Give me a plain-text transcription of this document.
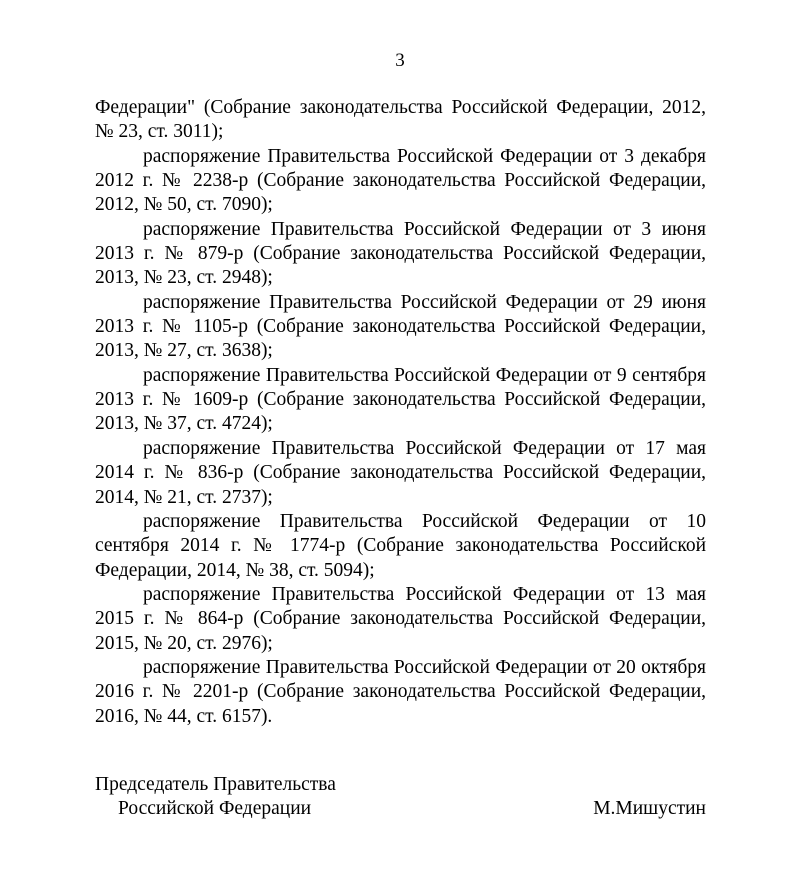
3

Федерации" (Собрание законодательства Российской Федерации, 2012, № 23, ст. 3011);

распоряжение Правительства Российской Федерации от 3 декабря 2012 г. № 2238-р (Собрание законодательства Российской Федерации, 2012, № 50, ст. 7090);

распоряжение Правительства Российской Федерации от 3 июня 2013 г. № 879-р (Собрание законодательства Российской Федерации, 2013, № 23, ст. 2948);

распоряжение Правительства Российской Федерации от 29 июня 2013 г. № 1105-р (Собрание законодательства Российской Федерации, 2013, № 27, ст. 3638);

распоряжение Правительства Российской Федерации от 9 сентября 2013 г. № 1609-р (Собрание законодательства Российской Федерации, 2013, № 37, ст. 4724);

распоряжение Правительства Российской Федерации от 17 мая 2014 г. № 836-р (Собрание законодательства Российской Федерации, 2014, № 21, ст. 2737);

распоряжение Правительства Российской Федерации от 10 сентября 2014 г. № 1774-р (Собрание законодательства Российской Федерации, 2014, № 38, ст. 5094);

распоряжение Правительства Российской Федерации от 13 мая 2015 г. № 864-р (Собрание законодательства Российской Федерации, 2015, № 20, ст. 2976);

распоряжение Правительства Российской Федерации от 20 октября 2016 г. № 2201-р (Собрание законодательства Российской Федерации, 2016, № 44, ст. 6157).

Председатель Правительства
Российской Федерации	М.Мишустин
